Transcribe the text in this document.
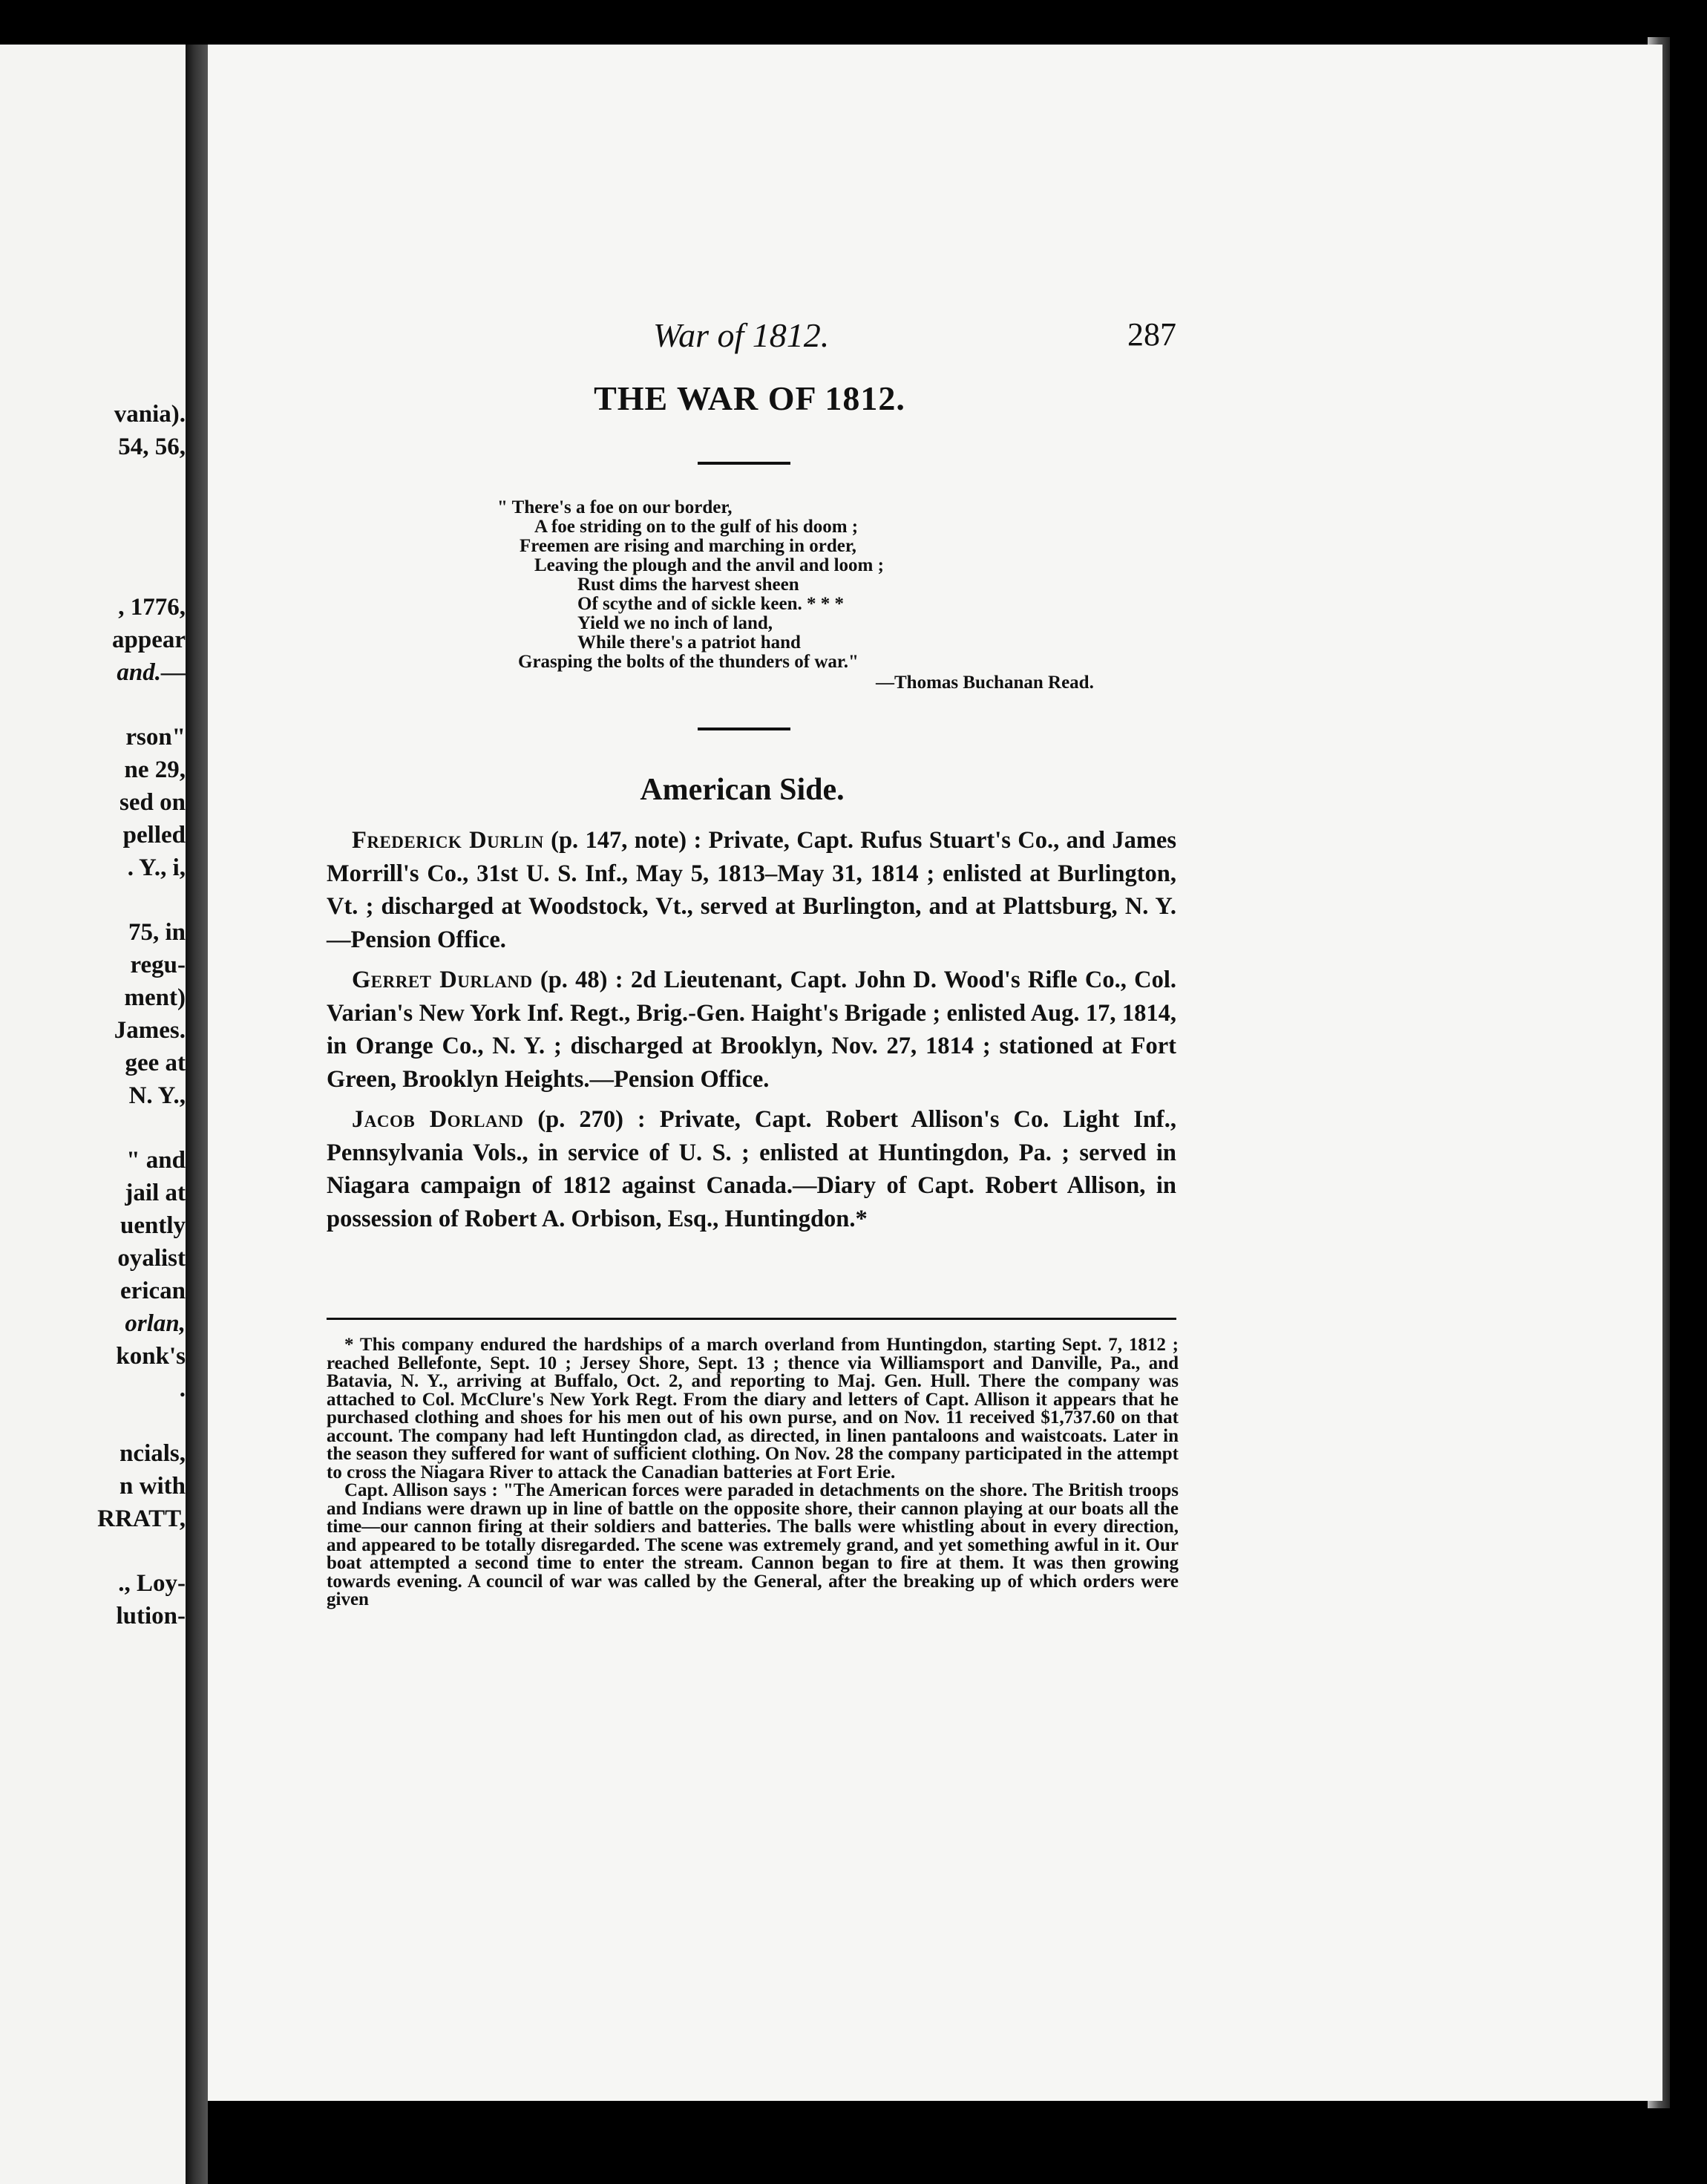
vania).
54, 56,
, 1776,
appear
and.—
rson"
ne 29,
sed on
pelled
. Y., i,
75, in
regu-
ment)
James.
gee at
N. Y.,
" and
jail at
uently
oyalist
erican
orlan,
konk's
.
ncials,
n with
RRATT,
., Loy-
lution-
War of 1812.	287
THE WAR OF 1812.
" There's a foe on our border,
A foe striding on to the gulf of his doom ;
Freemen are rising and marching in order,
Leaving the plough and the anvil and loom ;
Rust dims the harvest sheen
Of scythe and of sickle keen. * * *
Yield we no inch of land,
While there's a patriot hand
Grasping the bolts of the thunders of war."
—Thomas Buchanan Read.
American Side.

Frederick Durlin (p. 147, note) : Private, Capt. Rufus Stuart's Co., and James Morrill's Co., 31st U. S. Inf., May 5, 1813–May 31, 1814 ; enlisted at Burlington, Vt. ; discharged at Woodstock, Vt., served at Burlington, and at Plattsburg, N. Y.—Pension Office.

Gerret Durland (p. 48) : 2d Lieutenant, Capt. John D. Wood's Rifle Co., Col. Varian's New York Inf. Regt., Brig.-Gen. Haight's Brigade ; enlisted Aug. 17, 1814, in Orange Co., N. Y. ; discharged at Brooklyn, Nov. 27, 1814 ; stationed at Fort Green, Brooklyn Heights.—Pension Office.

Jacob Dorland (p. 270) : Private, Capt. Robert Allison's Co. Light Inf., Pennsylvania Vols., in service of U. S. ; enlisted at Huntingdon, Pa. ; served in Niagara campaign of 1812 against Canada.—Diary of Capt. Robert Allison, in possession of Robert A. Orbison, Esq., Huntingdon.*

* This company endured the hardships of a march overland from Huntingdon, starting Sept. 7, 1812 ; reached Bellefonte, Sept. 10 ; Jersey Shore, Sept. 13 ; thence via Williamsport and Danville, Pa., and Batavia, N. Y., arriving at Buffalo, Oct. 2, and reporting to Maj. Gen. Hull. There the company was attached to Col. McClure's New York Regt. From the diary and letters of Capt. Allison it appears that he purchased clothing and shoes for his men out of his own purse, and on Nov. 11 received $1,737.60 on that account. The company had left Huntingdon clad, as directed, in linen pantaloons and waistcoats. Later in the season they suffered for want of sufficient clothing. On Nov. 28 the company participated in the attempt to cross the Niagara River to attack the Canadian batteries at Fort Erie.

Capt. Allison says : "The American forces were paraded in detachments on the shore. The British troops and Indians were drawn up in line of battle on the opposite shore, their cannon playing at our boats all the time—our cannon firing at their soldiers and batteries. The balls were whistling about in every direction, and appeared to be totally disregarded. The scene was extremely grand, and yet something awful in it. Our boat attempted a second time to enter the stream. Cannon began to fire at them. It was then growing towards evening. A council of war was called by the General, after the breaking up of which orders were given
